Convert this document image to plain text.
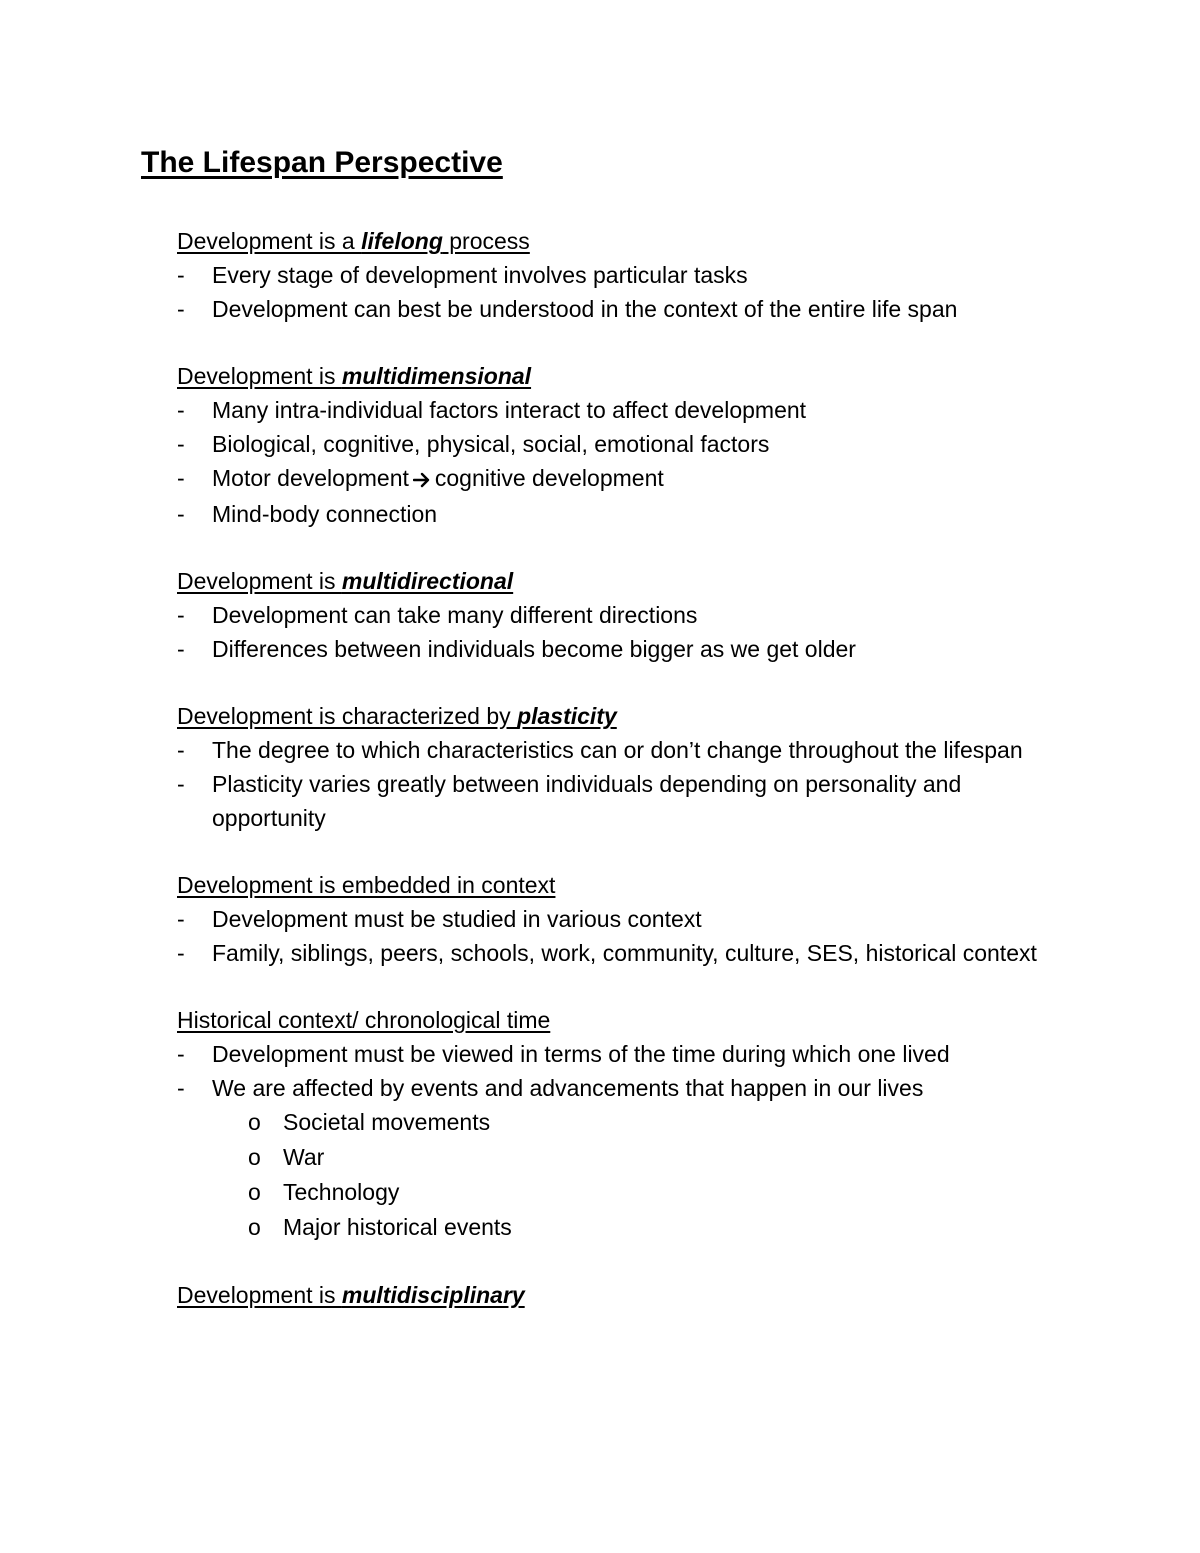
The Lifespan Perspective

Development is a lifelong process

-	Every stage of development involves particular tasks
-	Development can best be understood in the context of the entire life span

Development is multidimensional

-	Many intra-individual factors interact to affect development
-	Biological, cognitive, physical, social, emotional factors
-	Motor development cognitive development
-	Mind-body connection

Development is multidirectional

-	Development can take many different directions
-	Differences between individuals become bigger as we get older

Development is characterized by plasticity

-	The degree to which characteristics can or don’t change throughout the lifespan
-	Plasticity varies greatly between individuals depending on personality and opportunity

Development is embedded in context

-	Development must be studied in various context
-	Family, siblings, peers, schools, work, community, culture, SES, historical context

Historical context/ chronological time

-	Development must be viewed in terms of the time during which one lived
-	We are affected by events and advancements that happen in our lives
o Societal movements
o War
o Technology
o Major historical events

Development is multidisciplinary
